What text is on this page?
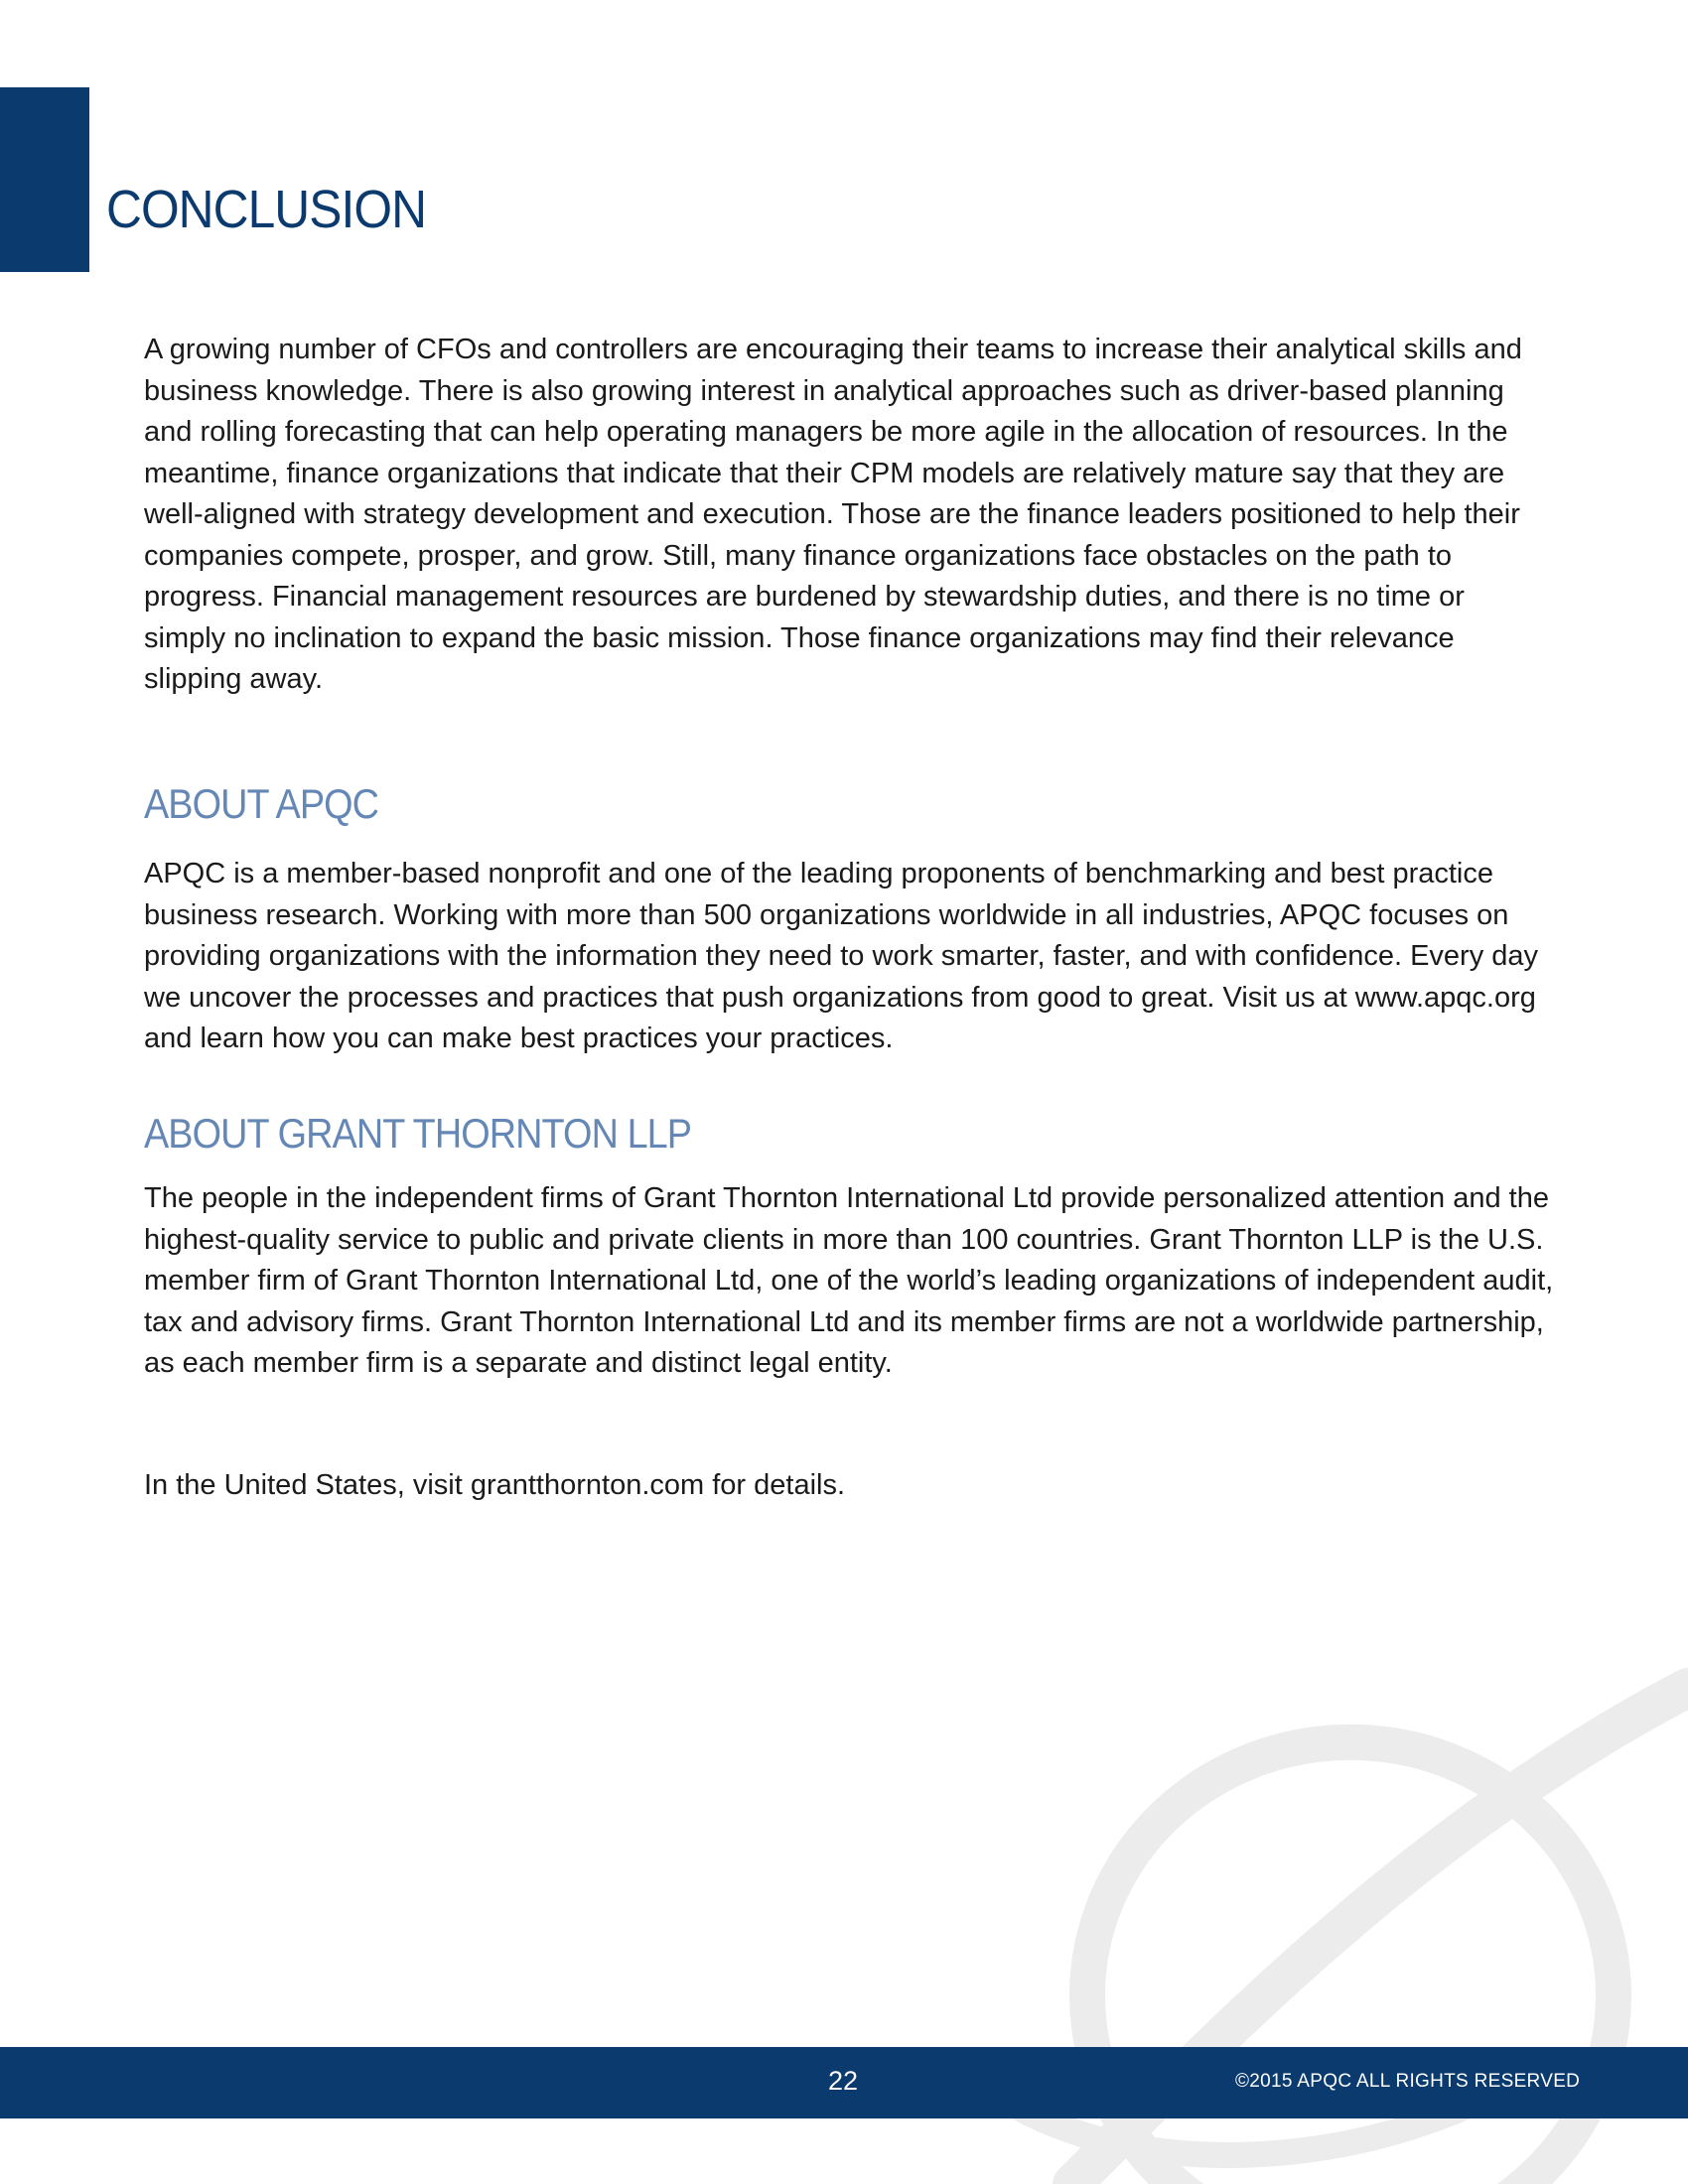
CONCLUSION

A growing number of CFOs and controllers are encouraging their teams to increase their analytical skills and business knowledge. There is also growing interest in analytical approaches such as driver-based planning and rolling forecasting that can help operating managers be more agile in the allocation of resources. In the meantime, finance organizations that indicate that their CPM models are relatively mature say that they are well-aligned with strategy development and execution. Those are the finance leaders positioned to help their companies compete, prosper, and grow. Still, many finance organizations face obstacles on the path to progress. Financial management resources are burdened by stewardship duties, and there is no time or simply no inclination to expand the basic mission. Those finance organizations may find their relevance slipping away.

ABOUT APQC

APQC is a member-based nonprofit and one of the leading proponents of benchmarking and best practice business research. Working with more than 500 organizations worldwide in all industries, APQC focuses on providing organizations with the information they need to work smarter, faster, and with confidence. Every day we uncover the processes and practices that push organizations from good to great. Visit us at www.apqc.org and learn how you can make best practices your practices.

ABOUT GRANT THORNTON LLP

The people in the independent firms of Grant Thornton International Ltd provide personalized attention and the highest-quality service to public and private clients in more than 100 countries. Grant Thornton LLP is the U.S. member firm of Grant Thornton International Ltd, one of the world’s leading organizations of independent audit, tax and advisory firms. Grant Thornton International Ltd and its member firms are not a worldwide partnership, as each member firm is a separate and distinct legal entity.

In the United States, visit grantthornton.com for details.

22	©2015 APQC ALL RIGHTS RESERVED
